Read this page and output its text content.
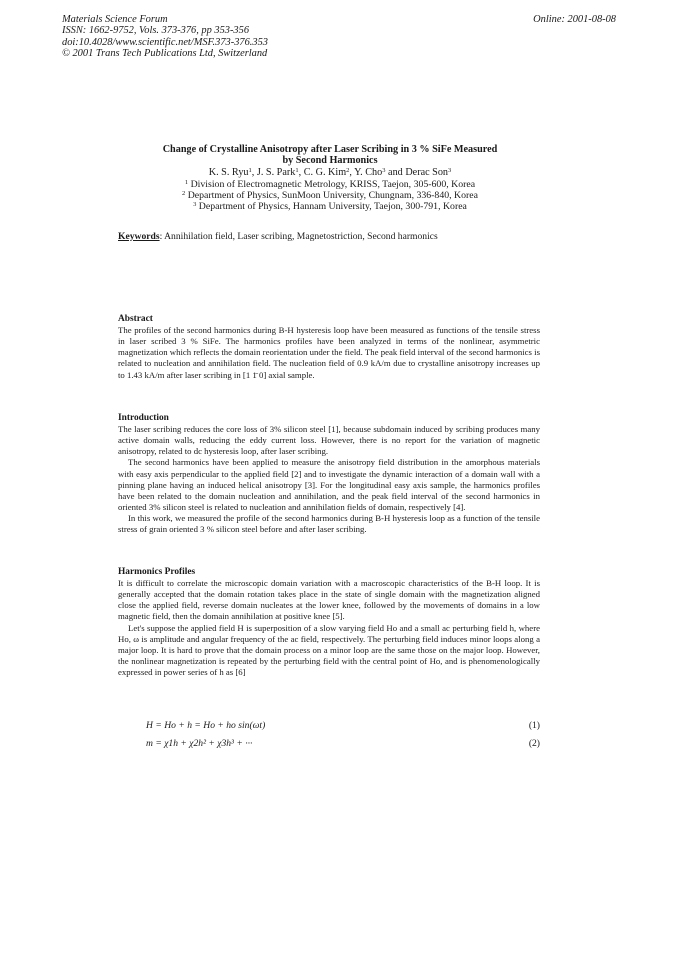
Materials Science Forum
ISSN: 1662-9752, Vols. 373-376, pp 353-356
doi:10.4028/www.scientific.net/MSF.373-376.353
© 2001 Trans Tech Publications Ltd, Switzerland
Online: 2001-08-08
Change of Crystalline Anisotropy after Laser Scribing in 3 % SiFe Measured
by Second Harmonics
K. S. Ryu$^1$, J. S. Park$^1$, C. G. Kim$^2$, Y. Cho$^3$ and Derac Son$^3$
$^1$ Division of Electromagnetic Metrology, KRISS, Taejon, 305-600, Korea
$^2$ Department of Physics, SunMoon University, Chungnam, 336-840, Korea
$^3$ Department of Physics, Hannam University, Taejon, 300-791, Korea
Keywords: Annihilation field, Laser scribing, Magnetostriction, Second harmonics
Abstract

The profiles of the second harmonics during B-H hysteresis loop have been measured as functions of the tensile stress in laser scribed 3 % SiFe. The harmonics profiles have been analyzed in terms of the nonlinear, asymmetric magnetization which reflects the domain reorientation under the field. The peak field interval of the second harmonics is related to nucleation and annihilation field. The nucleation field of 0.9 kA/m due to crystalline anisotropy increases up to 1.43 kA/m after laser scribing in [1 1̄ 0] axial sample.

Introduction

The laser scribing reduces the core loss of 3% silicon steel [1], because subdomain induced by scribing produces many active domain walls, reducing the eddy current loss. However, there is no report for the variation of magnetic anisotropy, related to dc hysteresis loop, after laser scribing.

The second harmonics have been applied to measure the anisotropy field distribution in the amorphous materials with easy axis perpendicular to the applied field [2] and to investigate the dynamic interaction of a domain wall with a pinning plane having an induced helical anisotropy [3]. For the longitudinal easy axis sample, the harmonics profiles have been related to the domain nucleation and annihilation, and the peak field interval of the second harmonics in oriented 3% silicon steel is related to nucleation and annihilation fields of domain, respectively [4].

In this work, we measured the profile of the second harmonics during B-H hysteresis loop as a function of the tensile stress of grain oriented 3 % silicon steel before and after laser scribing.

Harmonics Profiles

It is difficult to correlate the microscopic domain variation with a macroscopic characteristics of the B-H loop. It is generally accepted that the domain rotation takes place in the state of single domain with the magnetization aligned close the applied field, reverse domain nucleates at the lower knee, followed by the movements of domains in a low magnetic field, then the domain annihilation at positive knee [5].

Let's suppose the applied field H is superposition of a slow varying field Ho and a small ac perturbing field h, where Ho, ω is amplitude and angular frequency of the ac field, respectively. The perturbing field induces minor loops along a major loop. It is hard to prove that the domain process on a minor loop are the same those on the major loop. However, the nonlinear magnetization is repeated by the perturbing field with the central point of Ho, and is phenomenologically expressed in power series of h as [6]

H = Ho + h = Ho + ho sin(ωt)	(1)
m = χ1h + χ2h² + χ3h³ + ···	(2)
